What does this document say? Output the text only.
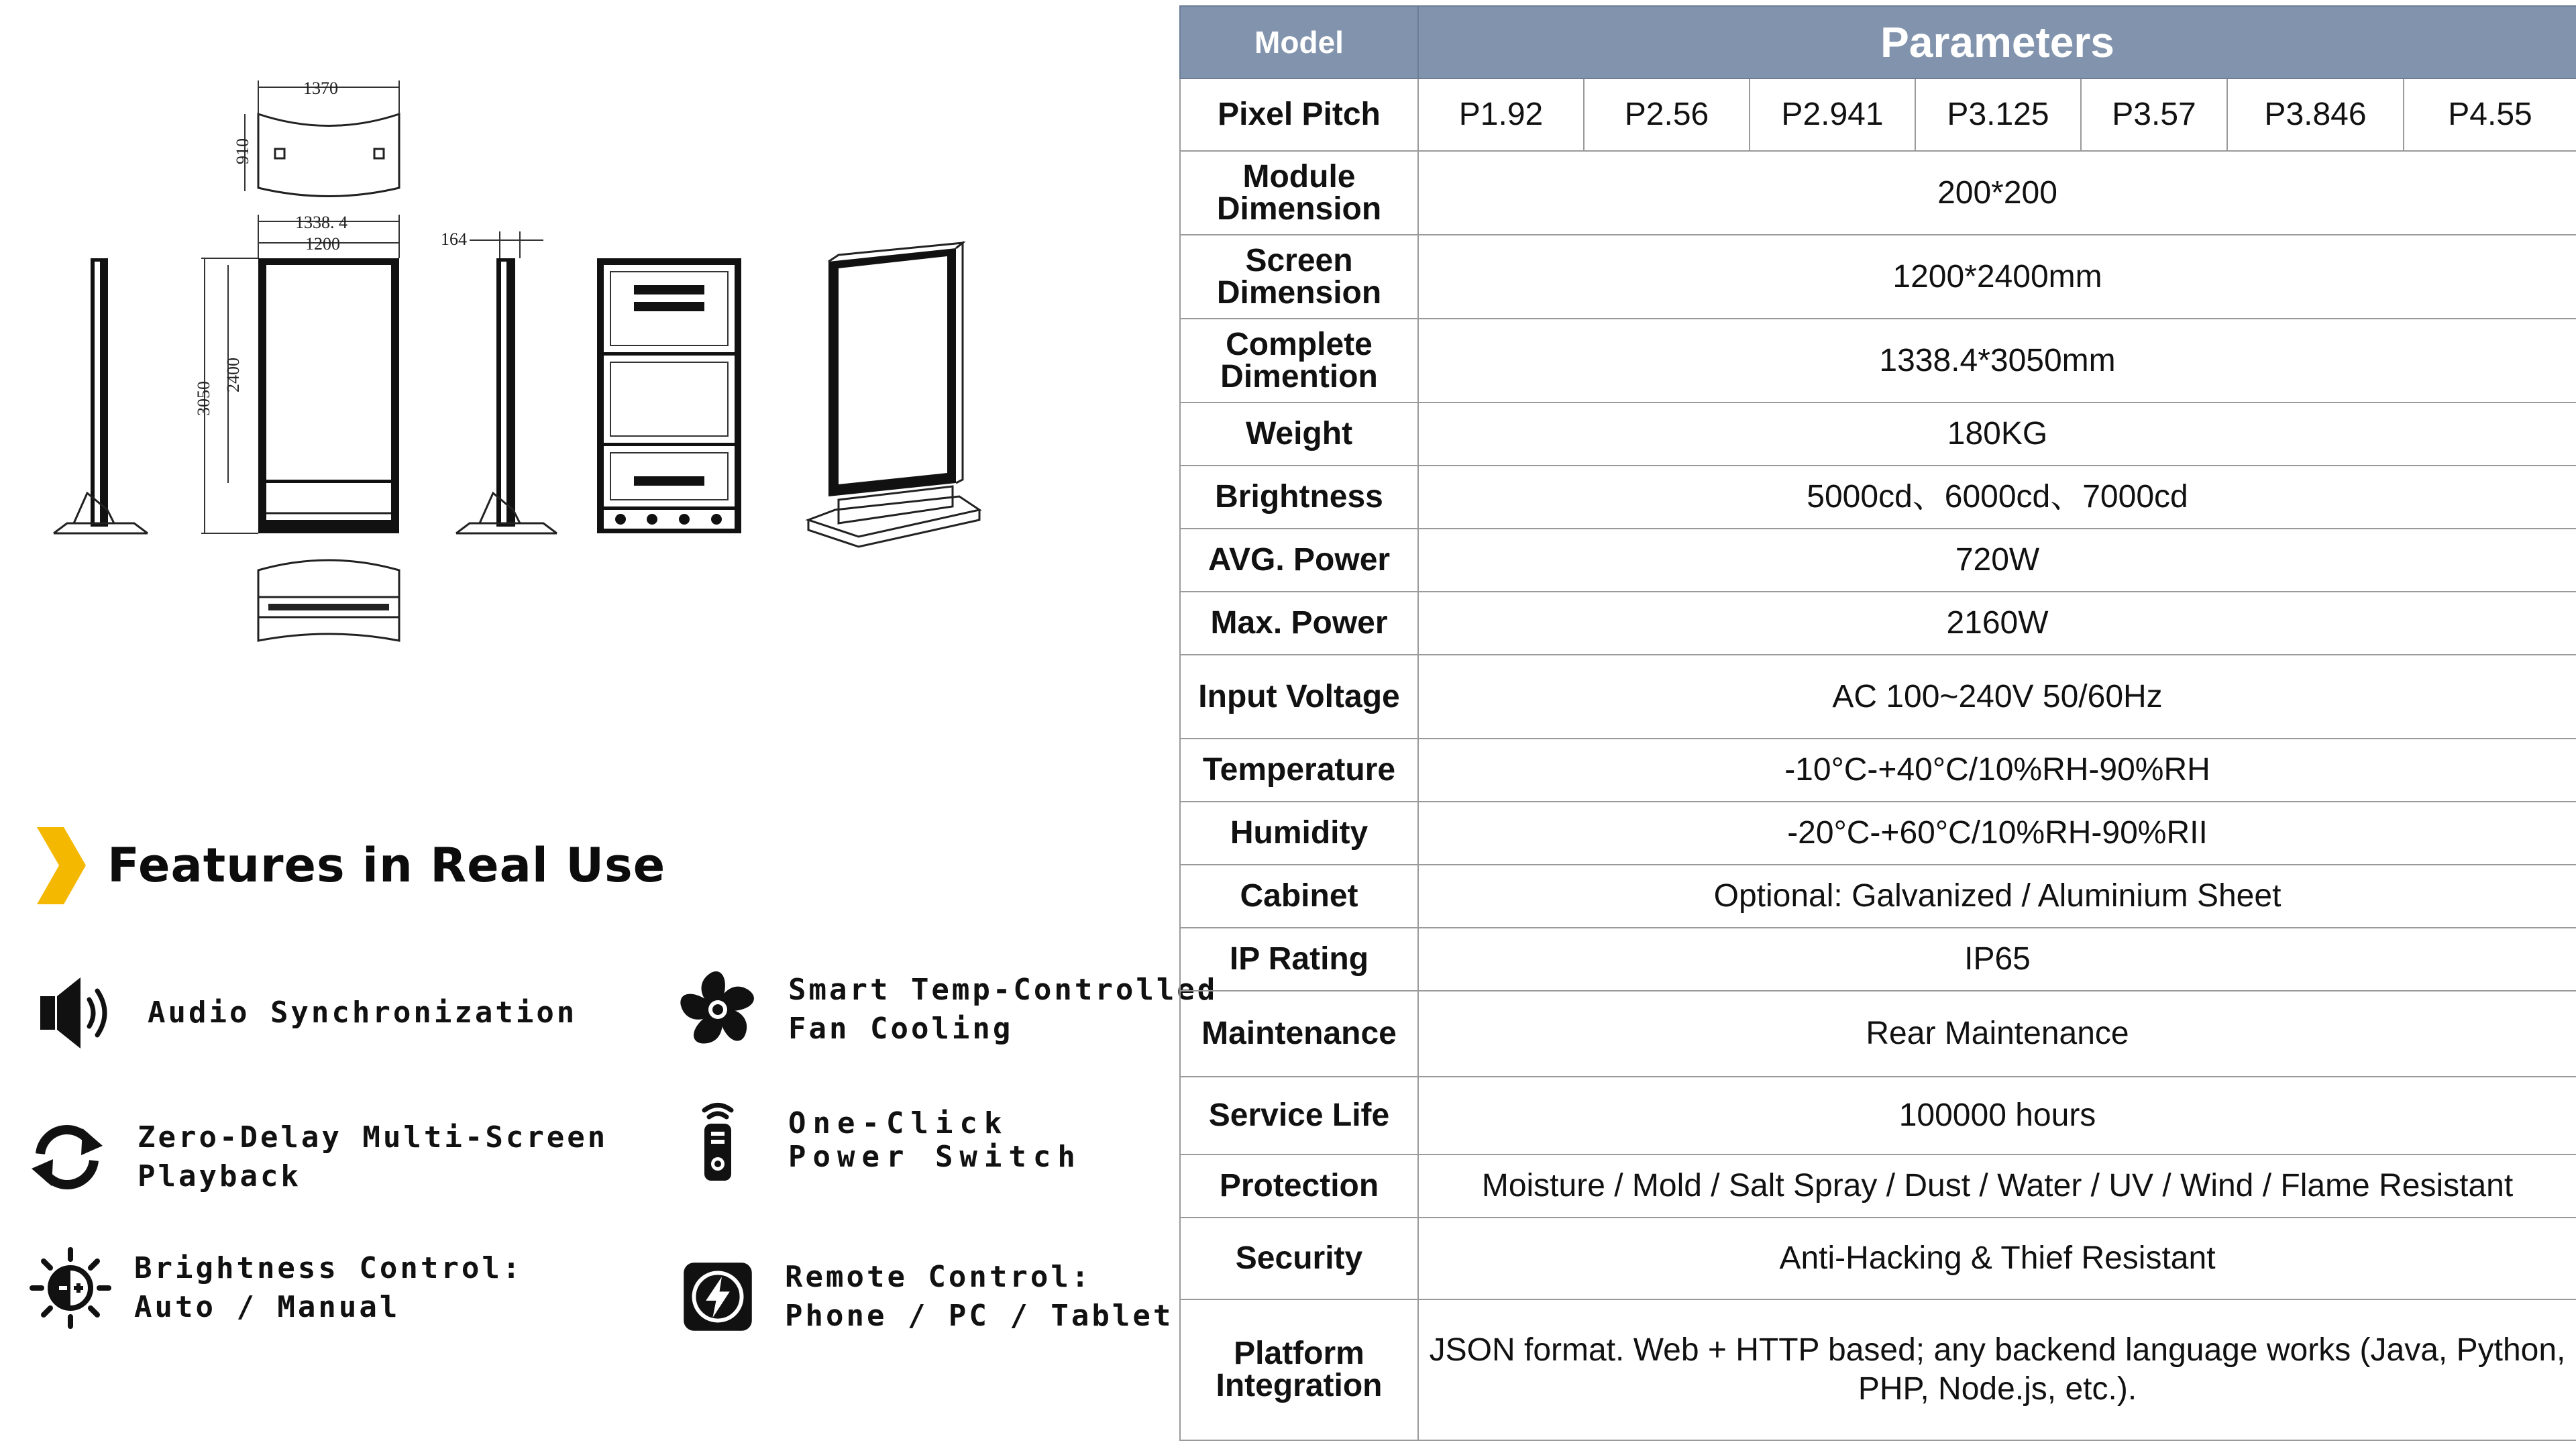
1370
910
1338. 4
1200
3050
2400
164
Features in Real Use
Audio Synchronization
Smart Temp-Controlled
Fan Cooling
Zero-Delay Multi-Screen
Playback
One-Click
Power Switch
Brightness Control:
Auto / Manual
Remote Control:
Phone / PC / Tablet
Model	Parameters						
Pixel Pitch	P1.92	P2.56	P2.941	P3.125	P3.57	P3.846	P4.55
Module Dimension	200*200						
Screen Dimension	1200*2400mm						
Complete Dimention	1338.4*3050mm						
Weight	180KG						
Brightness	5000cd、6000cd、7000cd						
AVG. Power	720W						
Max. Power	2160W						
Input Voltage	AC 100~240V 50/60Hz						
Temperature	-10°C-+40°C/10%RH-90%RH						
Humidity	-20°C-+60°C/10%RH-90%RII						
Cabinet	Optional: Galvanized / Aluminium Sheet						
IP Rating	IP65						
Maintenance	Rear Maintenance						
Service Life	100000 hours						
Protection	Moisture / Mold / Salt Spray / Dust / Water / UV / Wind / Flame Resistant						
Security	Anti-Hacking & Thief Resistant						
Platform Integration	JSON format. Web + HTTP based; any backend language works (Java, Python, PHP, Node.js, etc.).						
